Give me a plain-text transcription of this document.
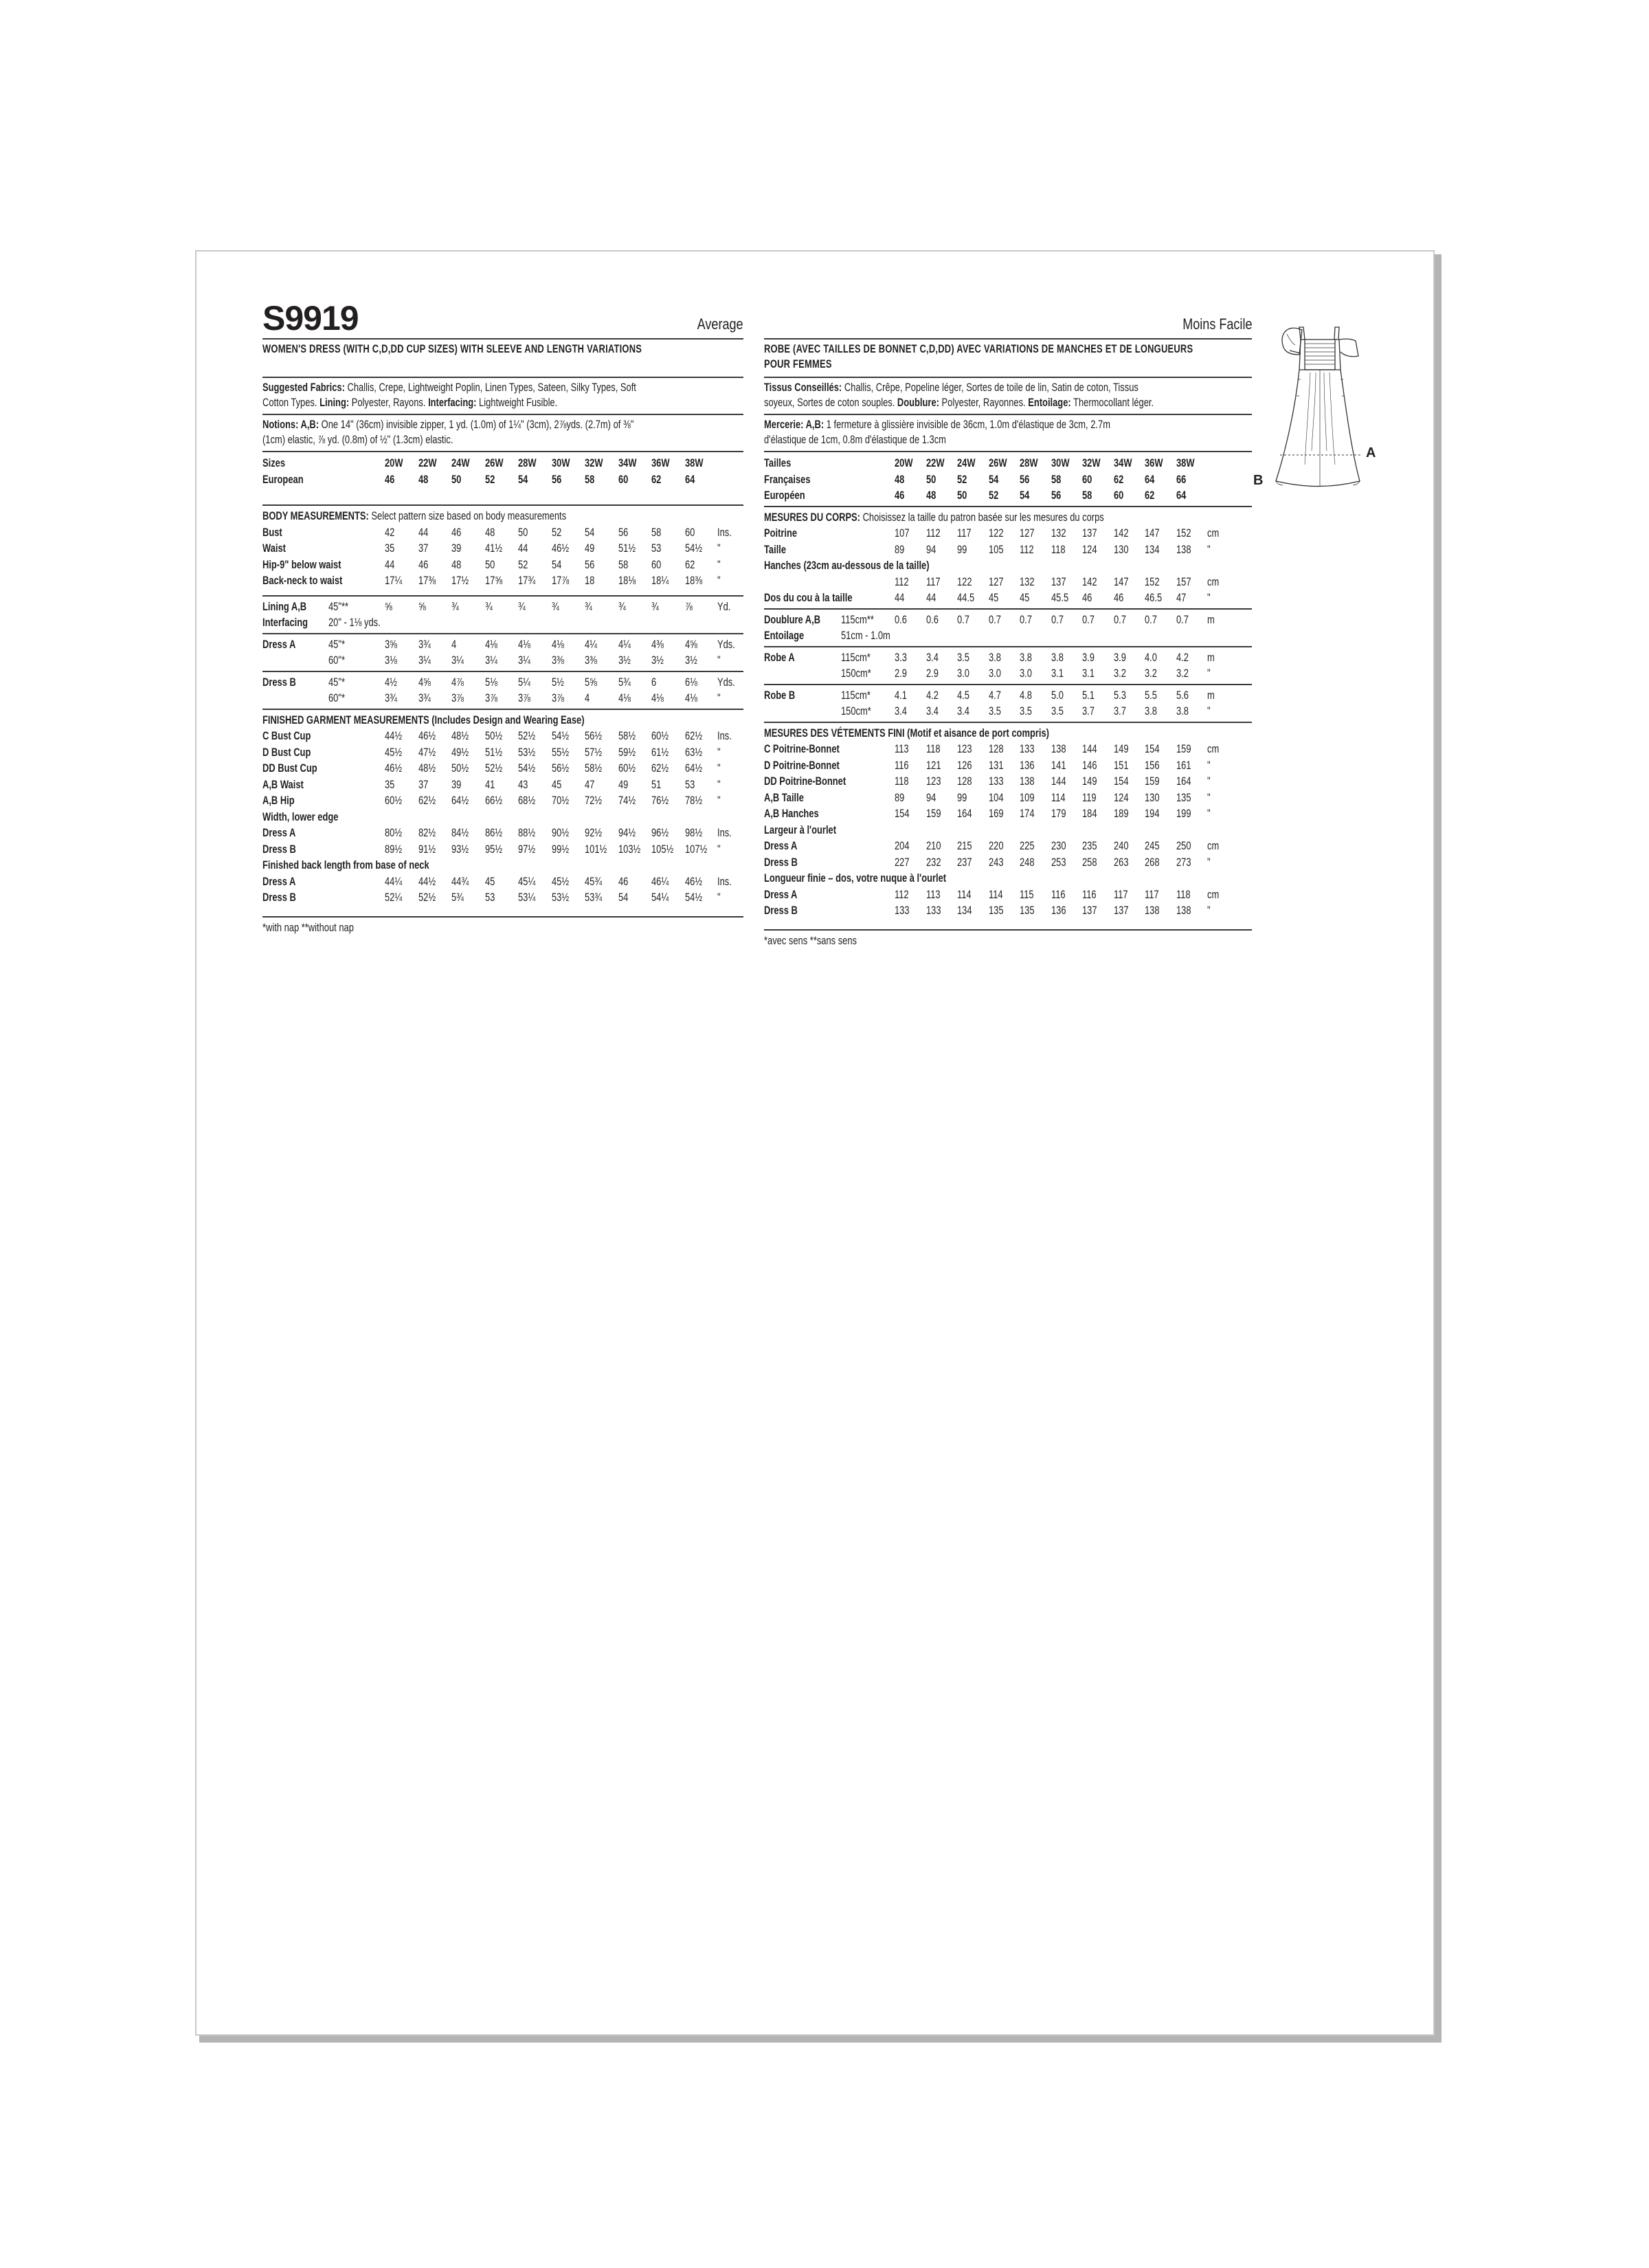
S9919	Average
WOMEN'S DRESS (WITH C,D,DD CUP SIZES) WITH SLEEVE AND LENGTH VARIATIONS
Suggested Fabrics: Challis, Crepe, Lightweight Poplin, Linen Types, Sateen, Silky Types, Soft
Cotton Types. Lining: Polyester, Rayons. Interfacing: Lightweight Fusible.
Notions: A,B: One 14" (36cm) invisible zipper, 1 yd. (1.0m) of 1¼" (3cm), 2⅞yds. (2.7m) of ⅜"
(1cm) elastic, ⅞ yd. (0.8m) of ½" (1.3cm) elastic.
Sizes	20W 22W 24W 26W 28W 30W 32W 34W 36W 38W
European	46 48 50 52 54 56 58 60 62 64
BODY MEASUREMENTS: Select pattern size based on body measurements
Bust	42 44 46 48 50 52 54 56 58 60 Ins.
Waist	35 37 39 41½ 44 46½ 49 51½ 53 54½ "
Hip-9" below waist	44 46 48 50 52 54 56 58 60 62 "
Back-neck to waist	17¼ 17⅜ 17½ 17⅝ 17¾ 17⅞ 18 18⅛ 18¼ 18⅜ "
Lining A,B 45"**	⅝ ⅝ ¾ ¾ ¾ ¾ ¾ ¾ ¾ ⅞ Yd.
Interfacing 20" - 1⅛ yds.
Dress A	45"*	3⅝ 3¾ 4 4⅛ 4⅛ 4⅛ 4¼ 4¼ 4⅜ 4⅝ Yds.
60"*	3⅛ 3¼ 3¼ 3¼ 3¼ 3⅜ 3⅜ 3½ 3½ 3½ "
Dress B	45"*	4½ 4⅝ 4⅞ 5⅛ 5¼ 5½ 5⅝ 5¾ 6 6⅛ Yds.
60"*	3¾ 3¾ 3⅞ 3⅞ 3⅞ 3⅞ 4 4⅛ 4⅛ 4⅛ "
FINISHED GARMENT MEASUREMENTS (Includes Design and Wearing Ease)
C Bust Cup	44½ 46½ 48½ 50½ 52½ 54½ 56½ 58½ 60½ 62½ Ins.
D Bust Cup	45½ 47½ 49½ 51½ 53½ 55½ 57½ 59½ 61½ 63½ "
DD Bust Cup	46½ 48½ 50½ 52½ 54½ 56½ 58½ 60½ 62½ 64½ "
A,B Waist	35 37 39 41 43 45 47 49 51 53 "
A,B Hip	60½ 62½ 64½ 66½ 68½ 70½ 72½ 74½ 76½ 78½ "
Width, lower edge
Dress A	80½ 82½ 84½ 86½ 88½ 90½ 92½ 94½ 96½ 98½ Ins.
Dress B	89½ 91½ 93½ 95½ 97½ 99½ 101½ 103½ 105½ 107½ "
Finished back length from base of neck
Dress A	44¼ 44½ 44¾ 45 45¼ 45½ 45¾ 46 46¼ 46½ Ins.
Dress B	52¼ 52½ 5¾ 53 53¼ 53½ 53¾ 54 54¼ 54½ "
*with nap **without nap
Moins Facile
ROBE (AVEC TAILLES DE BONNET C,D,DD) AVEC VARIATIONS DE MANCHES ET DE LONGUEURS
POUR FEMMES
Tissus Conseillés: Challis, Crêpe, Popeline léger, Sortes de toile de lin, Satin de coton, Tissus
soyeux, Sortes de coton souples. Doublure: Polyester, Rayonnes. Entoilage: Thermocollant léger.
Mercerie: A,B: 1 fermeture à glissière invisible de 36cm, 1.0m d'élastique de 3cm, 2.7m
d'élastique de 1cm, 0.8m d'élastique de 1.3cm
Tailles	20W 22W 24W 26W 28W 30W 32W 34W 36W 38W
Françaises	48 50 52 54 56 58 60 62 64 66
Européen	46 48 50 52 54 56 58 60 62 64
MESURES DU CORPS: Choisissez la taille du patron basée sur les mesures du corps
Poitrine	107 112 117 122 127 132 137 142 147 152 cm
Taille	89 94 99 105 112 118 124 130 134 138 "
Hanches (23cm au-dessous de la taille)
112 117 122 127 132 137 142 147 152 157 cm
Dos du cou à la taille	44 44 44.5 45 45 45.5 46 46 46.5 47 "
Doublure A,B 115cm** 0.6 0.6 0.7 0.7 0.7 0.7 0.7 0.7 0.7 0.7 m
Entoilage	51cm - 1.0m
Robe A	115cm* 3.3 3.4 3.5 3.8 3.8 3.8 3.9 3.9 4.0 4.2 m
150cm* 2.9 2.9 3.0 3.0 3.0 3.1 3.1 3.2 3.2 3.2 "
Robe B	115cm* 4.1 4.2 4.5 4.7 4.8 5.0 5.1 5.3 5.5 5.6 m
150cm* 3.4 3.4 3.4 3.5 3.5 3.5 3.7 3.7 3.8 3.8 "
MESURES DES VÉTEMENTS FINI (Motif et aisance de port compris)
C Poitrine-Bonnet	113 118 123 128 133 138 144 149 154 159 cm
D Poitrine-Bonnet	116 121 126 131 136 141 146 151 156 161 "
DD Poitrine-Bonnet	118 123 128 133 138 144 149 154 159 164 "
A,B Taille	89 94 99 104 109 114 119 124 130 135 "
A,B Hanches	154 159 164 169 174 179 184 189 194 199 "
Largeur à l'ourlet
Dress A	204 210 215 220 225 230 235 240 245 250 cm
Dress B	227 232 237 243 248 253 258 263 268 273 "
Longueur finie – dos, votre nuque à l'ourlet
Dress A	112 113 114 114 115 116 116 117 117 118 cm
Dress B	133 133 134 135 135 136 137 137 138 138 "
*avec sens **sans sens
A
B
